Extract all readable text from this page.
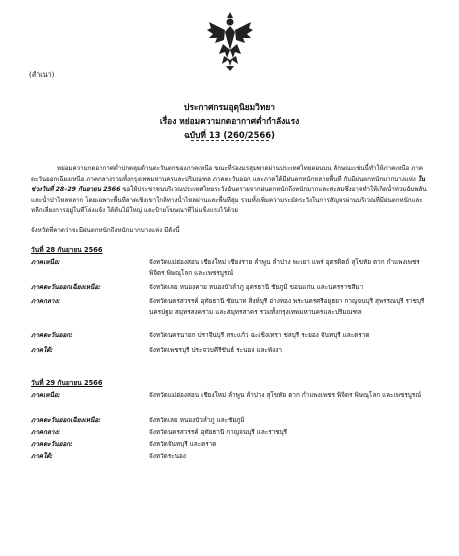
(สำเนา)
ประกาศกรมอุตุนิยมวิทยา
เรื่อง หย่อมความกดอากาศต่ำกำลังแรง
ฉบับที่ 13 (260/2566)
หย่อมความกดอากาศต่ำปกคลุมด้านตะวันตกของภาคเหนือ ขณะที่ร่องมรสุมพาดผ่านประเทศไทยตอนบน ลักษณะเช่นนี้ทำให้ภาคเหนือ ภาคตะวันออกเฉียงเหนือ ภาคกลางรวมทั้งกรุงเทพมหานครและปริมณฑล ภาคตะวันออก และภาคใต้มีฝนตกหนักหลายพื้นที่ กับมีฝนตกหนักมากบางแห่ง ในช่วงวันที่ 28–29 กันยายน 2566 ขอให้ประชาชนบริเวณประเทศไทยระวังอันตรายจากฝนตกหนักถึงหนักมากและสะสมซึ่งอาจทำให้เกิดน้ำท่วมฉับพลันและน้ำป่าไหลหลาก โดยเฉพาะพื้นที่ลาดเชิงเขาใกล้ทางน้ำไหลผ่านและพื้นที่ลุ่ม รวมทั้งเพิ่มความระมัดระวังในการสัญจรผ่านบริเวณที่มีฝนตกหนักและหลีกเลี่ยงการอยู่ในที่โล่งแจ้ง ใต้ต้นไม้ใหญ่ และป้ายโฆษณาที่ไม่แข็งแรงไว้ด้วย
จังหวัดที่คาดว่าจะมีฝนตกหนักถึงหนักมากบางแห่ง มีดังนี้
วันที่ 28 กันยายน 2566
ภาคเหนือ:	จังหวัดแม่ฮ่องสอน เชียงใหม่ เชียงราย ลำพูน ลำปาง พะเยา แพร่ อุตรดิตถ์ สุโขทัย ตาก กำแพงเพชร พิจิตร พิษณุโลก และเพชรบูรณ์
ภาคตะวันออกเฉียงเหนือ:	จังหวัดเลย หนองคาย หนองบัวลำภู อุดรธานี ชัยภูมิ ขอนแก่น และนครราชสีมา
ภาคกลาง:	จังหวัดนครสวรรค์ อุทัยธานี ชัยนาท สิงห์บุรี อ่างทอง พระนครศรีอยุธยา กาญจนบุรี สุพรรณบุรี ราชบุรี นครปฐม สมุทรสงคราม และสมุทรสาคร รวมทั้งกรุงเทพมหานครและปริมณฑล
ภาคตะวันออก:	จังหวัดนครนายก ปราจีนบุรี สระแก้ว ฉะเชิงเทรา ชลบุรี ระยอง จันทบุรี และตราด
ภาคใต้:	จังหวัดเพชรบุรี ประจวบคีรีขันธ์ ระนอง และพังงา
วันที่ 29 กันยายน 2566
ภาคเหนือ:	จังหวัดแม่ฮ่องสอน เชียงใหม่ ลำพูน ลำปาง สุโขทัย ตาก กำแพงเพชร พิจิตร พิษณุโลก และเพชรบูรณ์
ภาคตะวันออกเฉียงเหนือ:	จังหวัดเลย หนองบัวลำภู และชัยภูมิ
ภาคกลาง:	จังหวัดนครสวรรค์ อุทัยธานี กาญจนบุรี และราชบุรี
ภาคตะวันออก:	จังหวัดจันทบุรี และตราด
ภาคใต้:	จังหวัดระนอง
